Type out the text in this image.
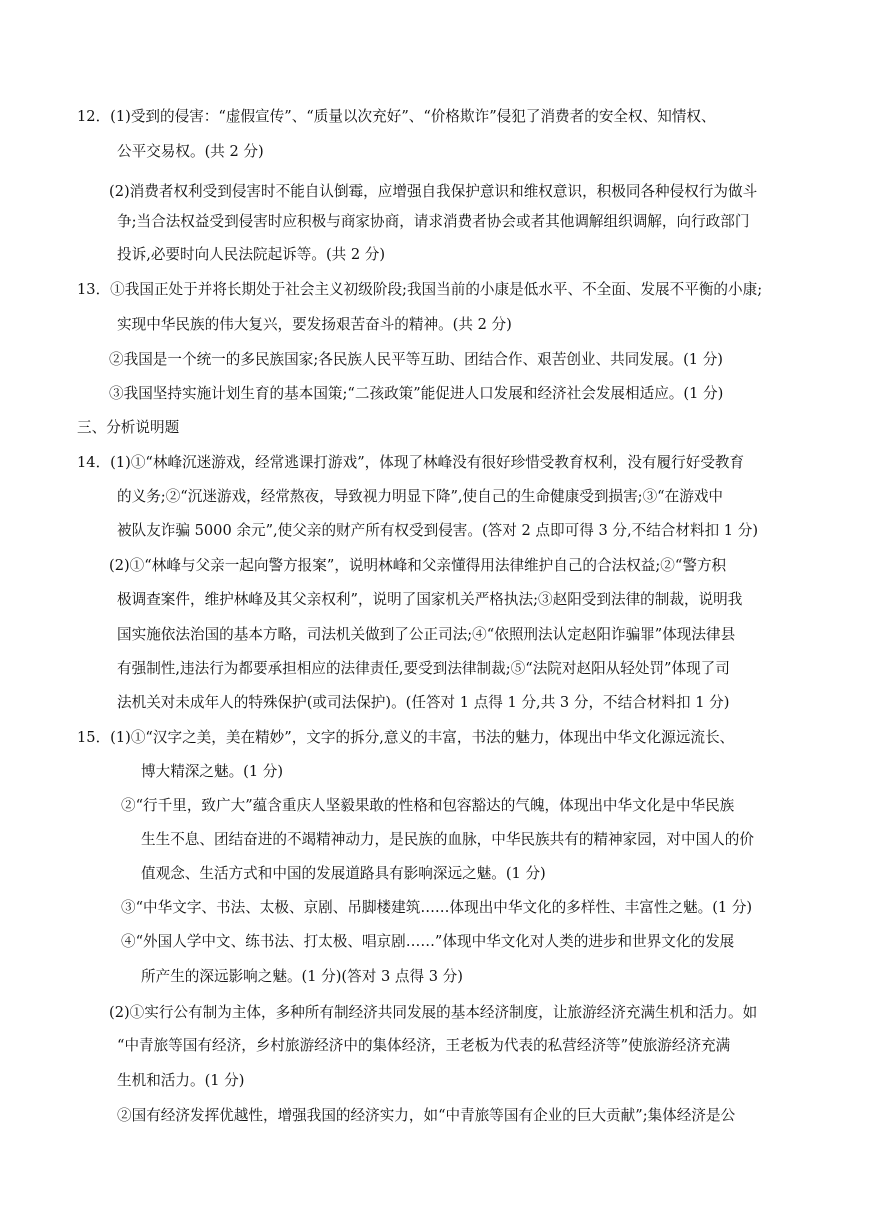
12．(1)受到的侵害：“虚假宣传”、“质量以次充好”、“价格欺诈”侵犯了消费者的安全权、知情权、
公平交易权。(共 2 分)
(2)消费者权利受到侵害时不能自认倒霉，应增强自我保护意识和维权意识，积极同各种侵权行为做斗
争;当合法权益受到侵害时应积极与商家协商，请求消费者协会或者其他调解组织调解，向行政部门
投诉,必要时向人民法院起诉等。(共 2 分)
13．①我国正处于并将长期处于社会主义初级阶段;我国当前的小康是低水平、不全面、发展不平衡的小康;
实现中华民族的伟大复兴，要发扬艰苦奋斗的精神。(共 2 分)
②我国是一个统一的多民族国家;各民族人民平等互助、团结合作、艰苦创业、共同发展。(1 分)
③我国坚持实施计划生育的基本国策;“二孩政策”能促进人口发展和经济社会发展相适应。(1 分)
三、分析说明题
14．(1)①“林峰沉迷游戏，经常逃课打游戏”，体现了林峰没有很好珍惜受教育权利，没有履行好受教育
的义务;②“沉迷游戏，经常熬夜，导致视力明显下降”,使自己的生命健康受到损害;③“在游戏中
被队友诈骗 5000 余元”,使父亲的财产所有权受到侵害。(答对 2 点即可得 3 分,不结合材料扣 1 分)
(2)①“林峰与父亲一起向警方报案”，说明林峰和父亲懂得用法律维护自己的合法权益;②“警方积
极调查案件，维护林峰及其父亲权利”，说明了国家机关严格执法;③赵阳受到法律的制裁，说明我
国实施依法治国的基本方略，司法机关做到了公正司法;④“依照刑法认定赵阳诈骗罪”体现法律县
有强制性,违法行为都要承担相应的法律责任,要受到法律制裁;⑤“法院对赵阳从轻处罚”体现了司
法机关对未成年人的特殊保护(或司法保护)。(任答对 1 点得 1 分,共 3 分，不结合材料扣 1 分)
15．(1)①“汉字之美，美在精妙”，文字的拆分,意义的丰富，书法的魅力，体现出中华文化源远流长、
博大精深之魅。(1 分)
②“行千里，致广大”蕴含重庆人坚毅果敢的性格和包容豁达的气魄，体现出中华文化是中华民族
生生不息、团结奋进的不竭精神动力，是民族的血脉，中华民族共有的精神家园，对中国人的价
值观念、生活方式和中国的发展道路具有影响深远之魅。(1 分)
③“中华文字、书法、太极、京剧、吊脚楼建筑……体现出中华文化的多样性、丰富性之魅。(1 分)
④“外国人学中文、练书法、打太极、唱京剧……”体现中华文化对人类的进步和世界文化的发展
所产生的深远影响之魅。(1 分)(答对 3 点得 3 分)
(2)①实行公有制为主体，多种所有制经济共同发展的基本经济制度，让旅游经济充满生机和活力。如
“中青旅等国有经济，乡村旅游经济中的集体经济，王老板为代表的私营经济等”使旅游经济充满
生机和活力。(1 分)
②国有经济发挥优越性，增强我国的经济实力，如“中青旅等国有企业的巨大贡献”;集体经济是公
